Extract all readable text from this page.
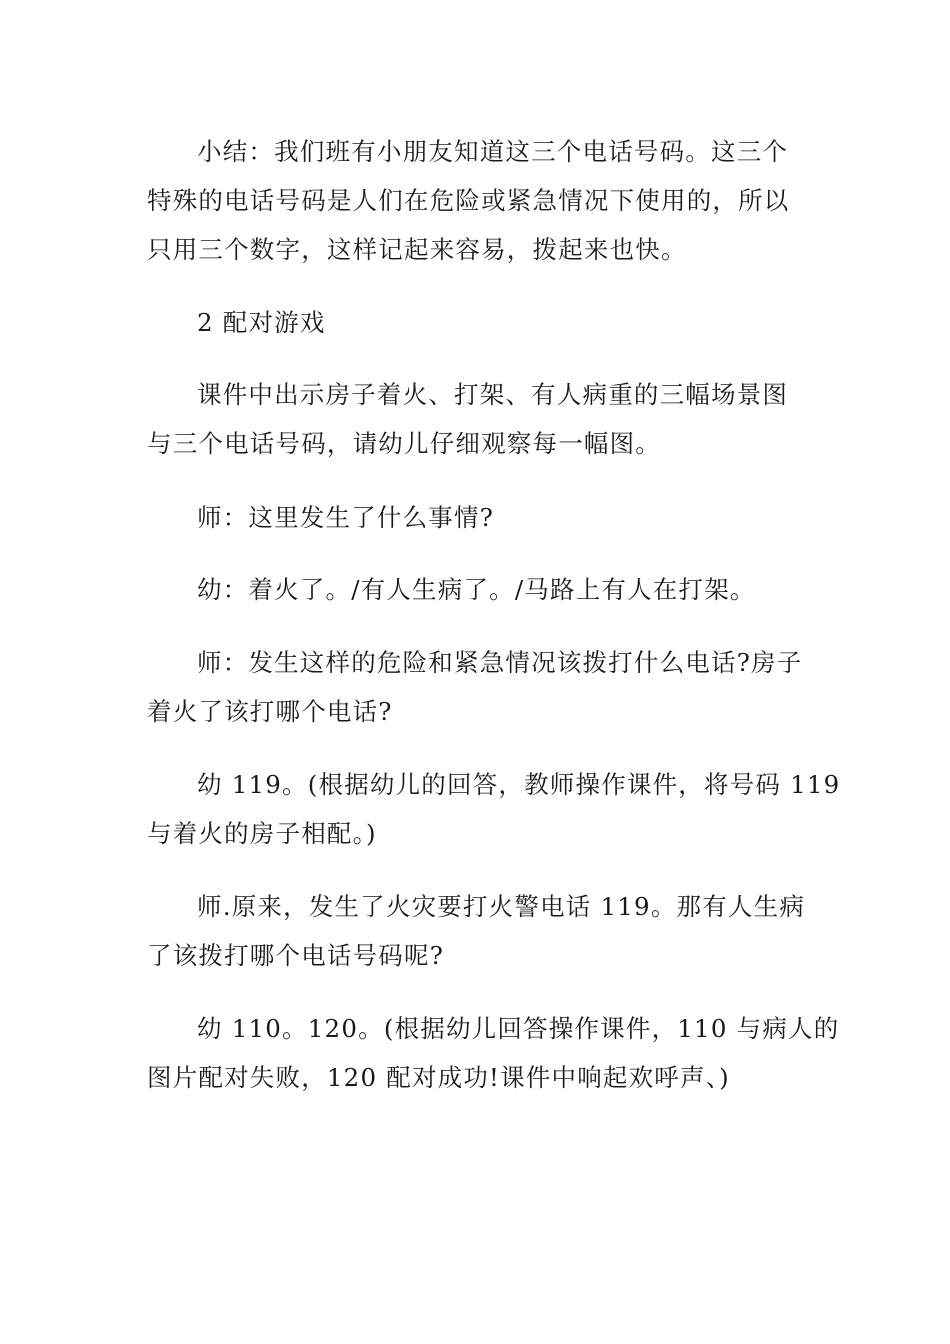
小结：我们班有小朋友知道这三个电话号码。这三个
特殊的电话号码是人们在危险或紧急情况下使用的，所以
只用三个数字，这样记起来容易，拨起来也快。

2 配对游戏

课件中出示房子着火、打架、有人病重的三幅场景图
与三个电话号码，请幼儿仔细观察每一幅图。

师：这里发生了什么事情?

幼：着火了。/有人生病了。/马路上有人在打架。

师：发生这样的危险和紧急情况该拨打什么电话?房子
着火了该打哪个电话?

幼 119。(根据幼儿的回答，教师操作课件，将号码 119
与着火的房子相配。)

师.原来，发生了火灾要打火警电话 119。那有人生病
了该拨打哪个电话号码呢?

幼 110。120。(根据幼儿回答操作课件，110 与病人的
图片配对失败，120 配对成功!课件中响起欢呼声、)
